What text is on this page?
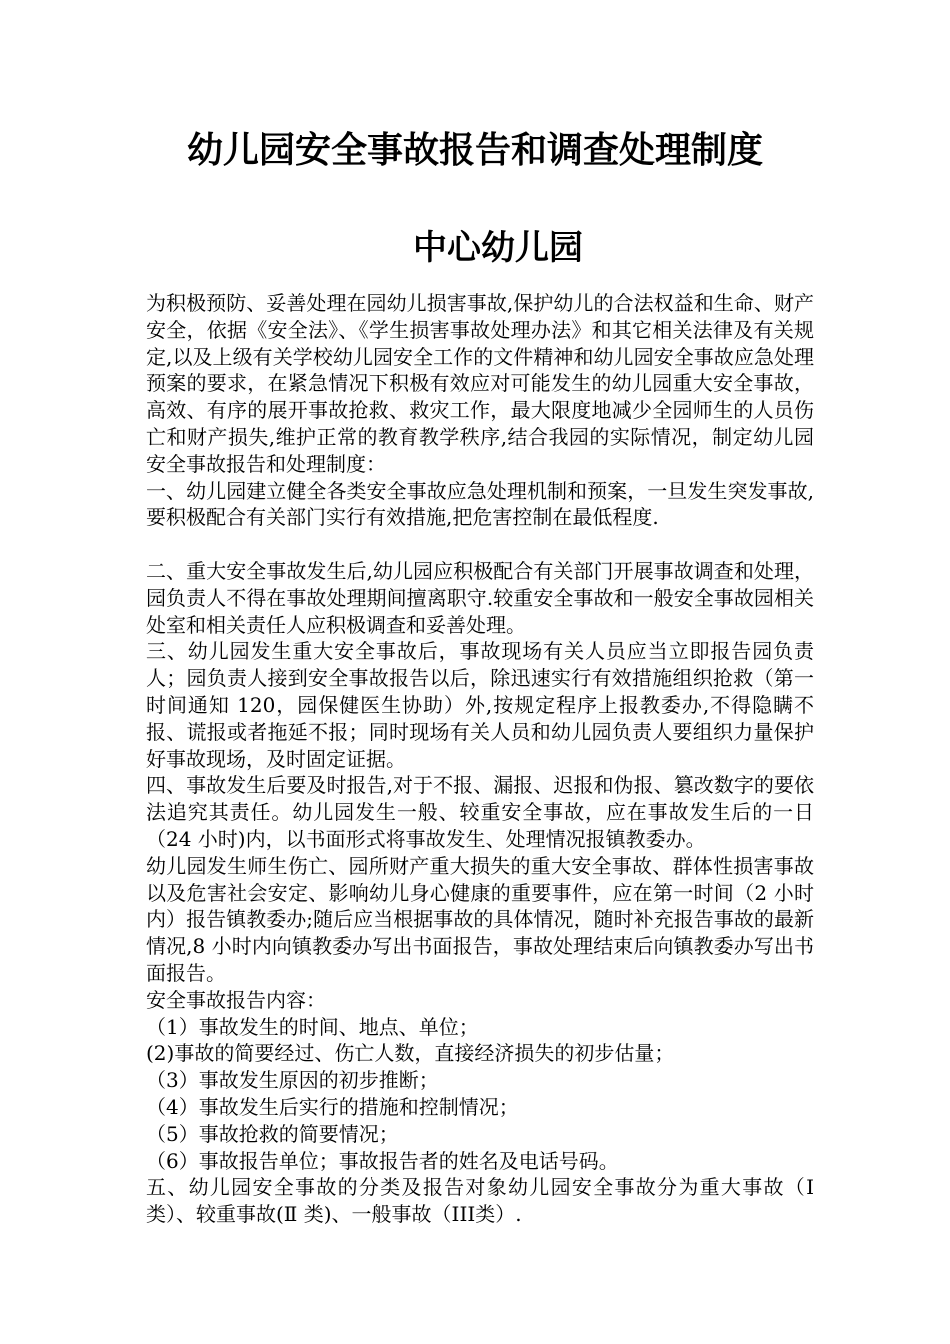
幼儿园安全事故报告和调查处理制度
中心幼儿园

为积极预防、妥善处理在园幼儿损害事故,保护幼儿的合法权益和生命、财产安全，依据《安全法》、《学生损害事故处理办法》和其它相关法律及有关规定,以及上级有关学校幼儿园安全工作的文件精神和幼儿园安全事故应急处理预案的要求，在紧急情况下积极有效应对可能发生的幼儿园重大安全事故，高效、有序的展开事故抢救、救灾工作，最大限度地减少全园师生的人员伤亡和财产损失,维护正常的教育教学秩序,结合我园的实际情况，制定幼儿园安全事故报告和处理制度：

一、幼儿园建立健全各类安全事故应急处理机制和预案，一旦发生突发事故,要积极配合有关部门实行有效措施,把危害控制在最低程度.

二、重大安全事故发生后,幼儿园应积极配合有关部门开展事故调查和处理，园负责人不得在事故处理期间擅离职守.较重安全事故和一般安全事故园相关处室和相关责任人应积极调查和妥善处理。

三、幼儿园发生重大安全事故后，事故现场有关人员应当立即报告园负责人；园负责人接到安全事故报告以后，除迅速实行有效措施组织抢救（第一时间通知 120，园保健医生协助）外,按规定程序上报教委办,不得隐瞒不报、谎报或者拖延不报；同时现场有关人员和幼儿园负责人要组织力量保护好事故现场，及时固定证据。

四、事故发生后要及时报告,对于不报、漏报、迟报和伪报、篡改数字的要依法追究其责任。幼儿园发生一般、较重安全事故，应在事故发生后的一日（24 小时)内，以书面形式将事故发生、处理情况报镇教委办。

幼儿园发生师生伤亡、园所财产重大损失的重大安全事故、群体性损害事故以及危害社会安定、影响幼儿身心健康的重要事件，应在第一时间（2 小时内）报告镇教委办;随后应当根据事故的具体情况，随时补充报告事故的最新情况,8 小时内向镇教委办写出书面报告，事故处理结束后向镇教委办写出书面报告。

安全事故报告内容：

（1）事故发生的时间、地点、单位；

(2)事故的简要经过、伤亡人数，直接经济损失的初步估量；

（3）事故发生原因的初步推断；

（4）事故发生后实行的措施和控制情况；

（5）事故抢救的简要情况；

（6）事故报告单位；事故报告者的姓名及电话号码。

五、幼儿园安全事故的分类及报告对象幼儿园安全事故分为重大事故（Ⅰ类）、较重事故(Ⅱ 类)、一般事故（III类）.
